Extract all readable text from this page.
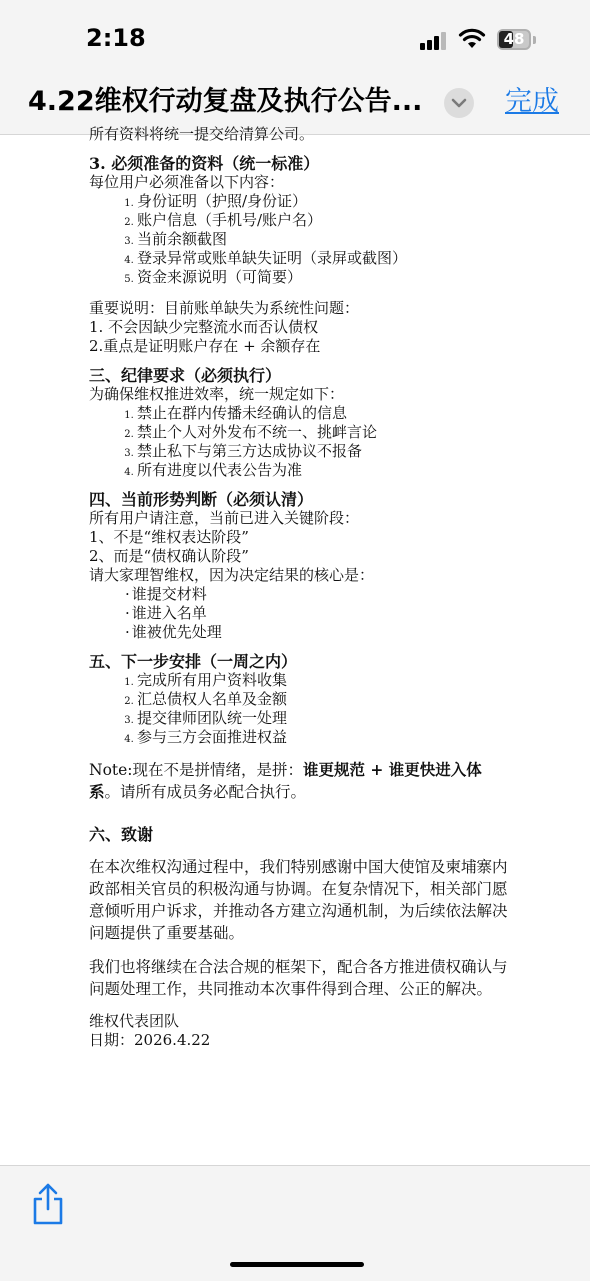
2:18	48
4.22维权行动复盘及执行公告...	完成

所有资料将统一提交给清算公司。

3. 必须准备的资料（统一标准）

每位用户必须准备以下内容：

1. 身份证明（护照/身份证）
2. 账户信息（手机号/账户名）
3. 当前余额截图
4. 登录异常或账单缺失证明（录屏或截图）
5. 资金来源说明（可简要）

重要说明：目前账单缺失为系统性问题：

1. 不会因缺少完整流水而否认债权

2.重点是证明账户存在 + 余额存在

三、纪律要求（必须执行）

为确保维权推进效率，统一规定如下：

1. 禁止在群内传播未经确认的信息
2. 禁止个人对外发布不统一、挑衅言论
3. 禁止私下与第三方达成协议不报备
4. 所有进度以代表公告为准

四、当前形势判断（必须认清）

所有用户请注意，当前已进入关键阶段：

1、不是“维权表达阶段”

2、而是“债权确认阶段”

请大家理智维权，因为决定结果的核心是：

· 谁提交材料
· 谁进入名单
· 谁被优先处理

五、下一步安排（一周之内）

1. 完成所有用户资料收集
2. 汇总债权人名单及金额
3. 提交律师团队统一处理
4. 参与三方会面推进权益

Note:现在不是拼情绪，是拼：谁更规范 + 谁更快进入体系。请所有成员务必配合执行。

六、致谢

在本次维权沟通过程中，我们特别感谢中国大使馆及柬埔寨内政部相关官员的积极沟通与协调。在复杂情况下，相关部门愿意倾听用户诉求，并推动各方建立沟通机制，为后续依法解决问题提供了重要基础。

我们也将继续在合法合规的框架下，配合各方推进债权确认与问题处理工作，共同推动本次事件得到合理、公正的解决。

维权代表团队

日期：2026.4.22
